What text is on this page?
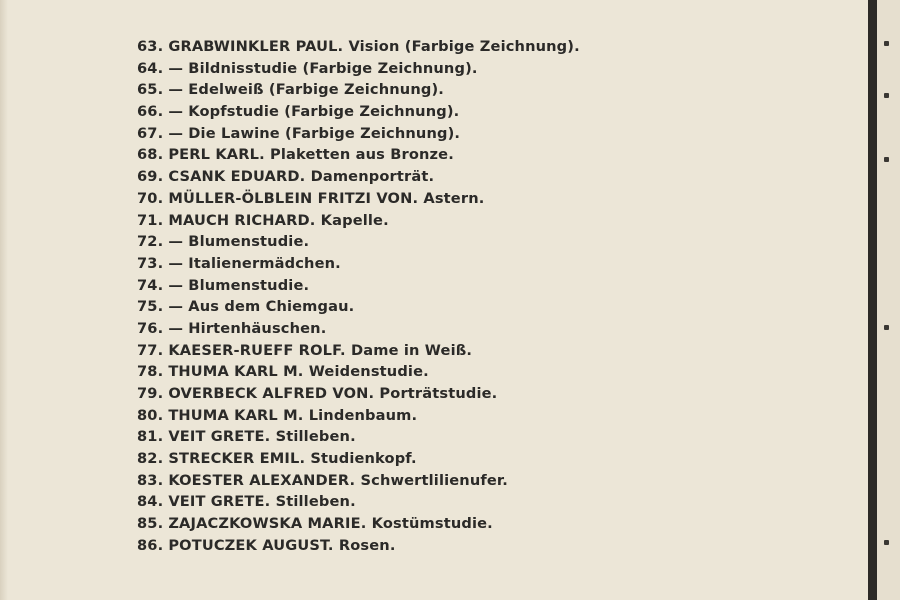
63. GRABWINKLER PAUL. Vision (Farbige Zeichnung).
64. — Bildnisstudie (Farbige Zeichnung).
65. — Edelweiß (Farbige Zeichnung).
66. — Kopfstudie (Farbige Zeichnung).
67. — Die Lawine (Farbige Zeichnung).
68. PERL KARL. Plaketten aus Bronze.
69. CSANK EDUARD. Damenporträt.
70. MÜLLER-ÖLBLEIN FRITZI VON. Astern.
71. MAUCH RICHARD. Kapelle.
72. — Blumenstudie.
73. — Italienermädchen.
74. — Blumenstudie.
75. — Aus dem Chiemgau.
76. — Hirtenhäuschen.
77. KAESER-RUEFF ROLF. Dame in Weiß.
78. THUMA KARL M. Weidenstudie.
79. OVERBECK ALFRED VON. Porträtstudie.
80. THUMA KARL M. Lindenbaum.
81. VEIT GRETE. Stilleben.
82. STRECKER EMIL. Studienkopf.
83. KOESTER ALEXANDER. Schwertlilienufer.
84. VEIT GRETE. Stilleben.
85. ZAJACZKOWSKA MARIE. Kostümstudie.
86. POTUCZEK AUGUST. Rosen.
